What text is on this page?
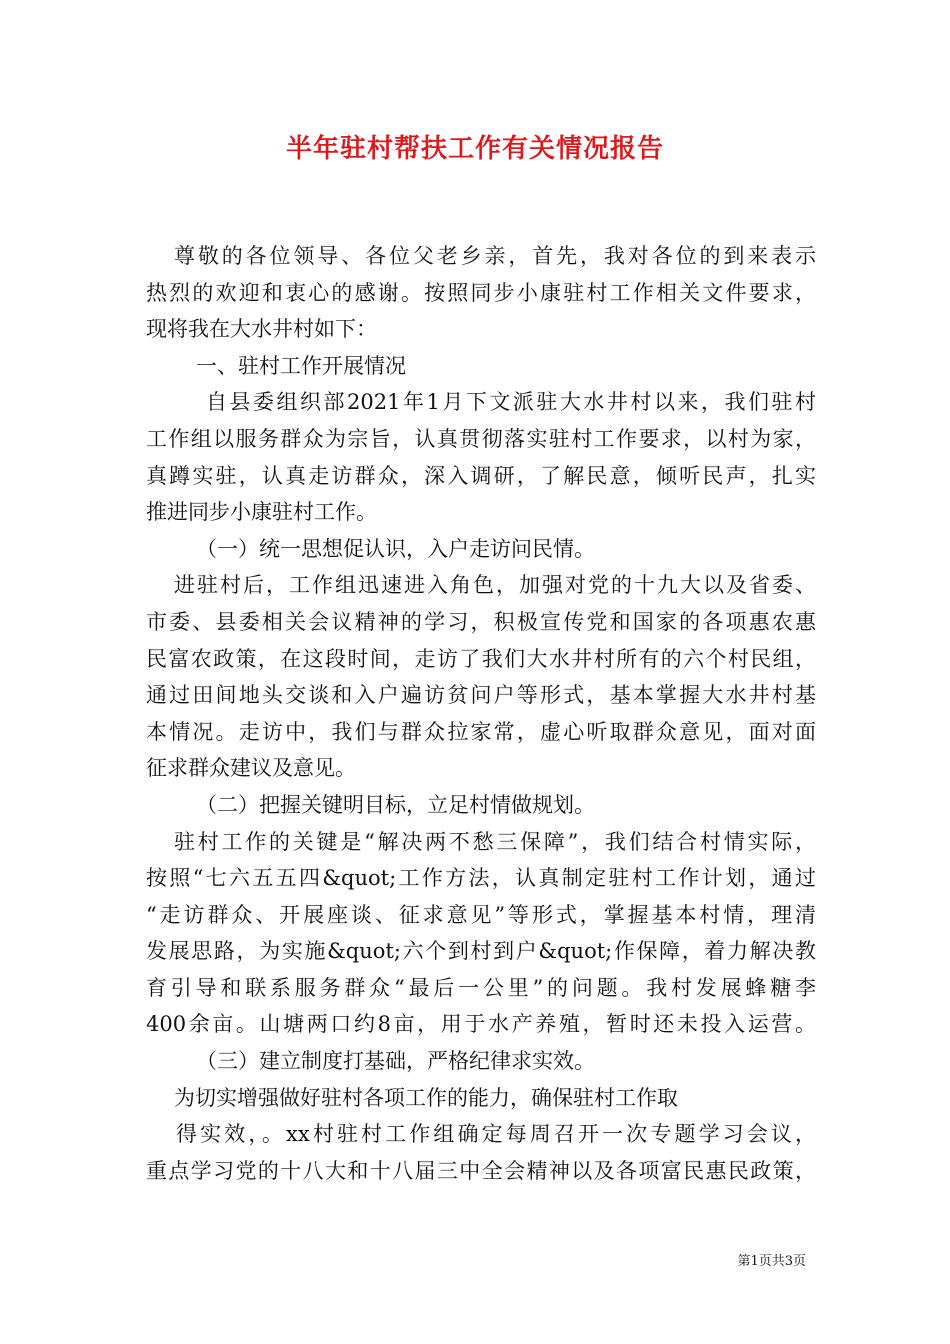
半年驻村帮扶工作有关情况报告

尊敬的各位领导、各位父老乡亲，首先，我对各位的到来表示

热烈的欢迎和衷心的感谢。按照同步小康驻村工作相关文件要求，

现将我在大水井村如下：

一、驻村工作开展情况

自县委组织部2021年1月下文派驻大水井村以来，我们驻村

工作组以服务群众为宗旨，认真贯彻落实驻村工作要求，以村为家，

真蹲实驻，认真走访群众，深入调研，了解民意，倾听民声，扎实

推进同步小康驻村工作。

（一）统一思想促认识，入户走访问民情。

进驻村后，工作组迅速进入角色，加强对党的十九大以及省委、

市委、县委相关会议精神的学习，积极宣传党和国家的各项惠农惠

民富农政策，在这段时间，走访了我们大水井村所有的六个村民组，

通过田间地头交谈和入户遍访贫问户等形式，基本掌握大水井村基

本情况。走访中，我们与群众拉家常，虚心听取群众意见，面对面

征求群众建议及意见。

（二）把握关键明目标，立足村情做规划。

驻村工作的关键是“解决两不愁三保障”，我们结合村情实际，

按照“七六五五四&quot;工作方法，认真制定驻村工作计划，通过

“走访群众、开展座谈、征求意见”等形式，掌握基本村情，理清

发展思路，为实施&quot;六个到村到户&quot;作保障，着力解决教

育引导和联系服务群众“最后一公里”的问题。我村发展蜂糖李

400余亩。山塘两口约8亩，用于水产养殖，暂时还未投入运营。

（三）建立制度打基础，严格纪律求实效。

为切实增强做好驻村各项工作的能力，确保驻村工作取

得实效，。xx村驻村工作组确定每周召开一次专题学习会议，

重点学习党的十八大和十八届三中全会精神以及各项富民惠民政策，

第1页共3页
